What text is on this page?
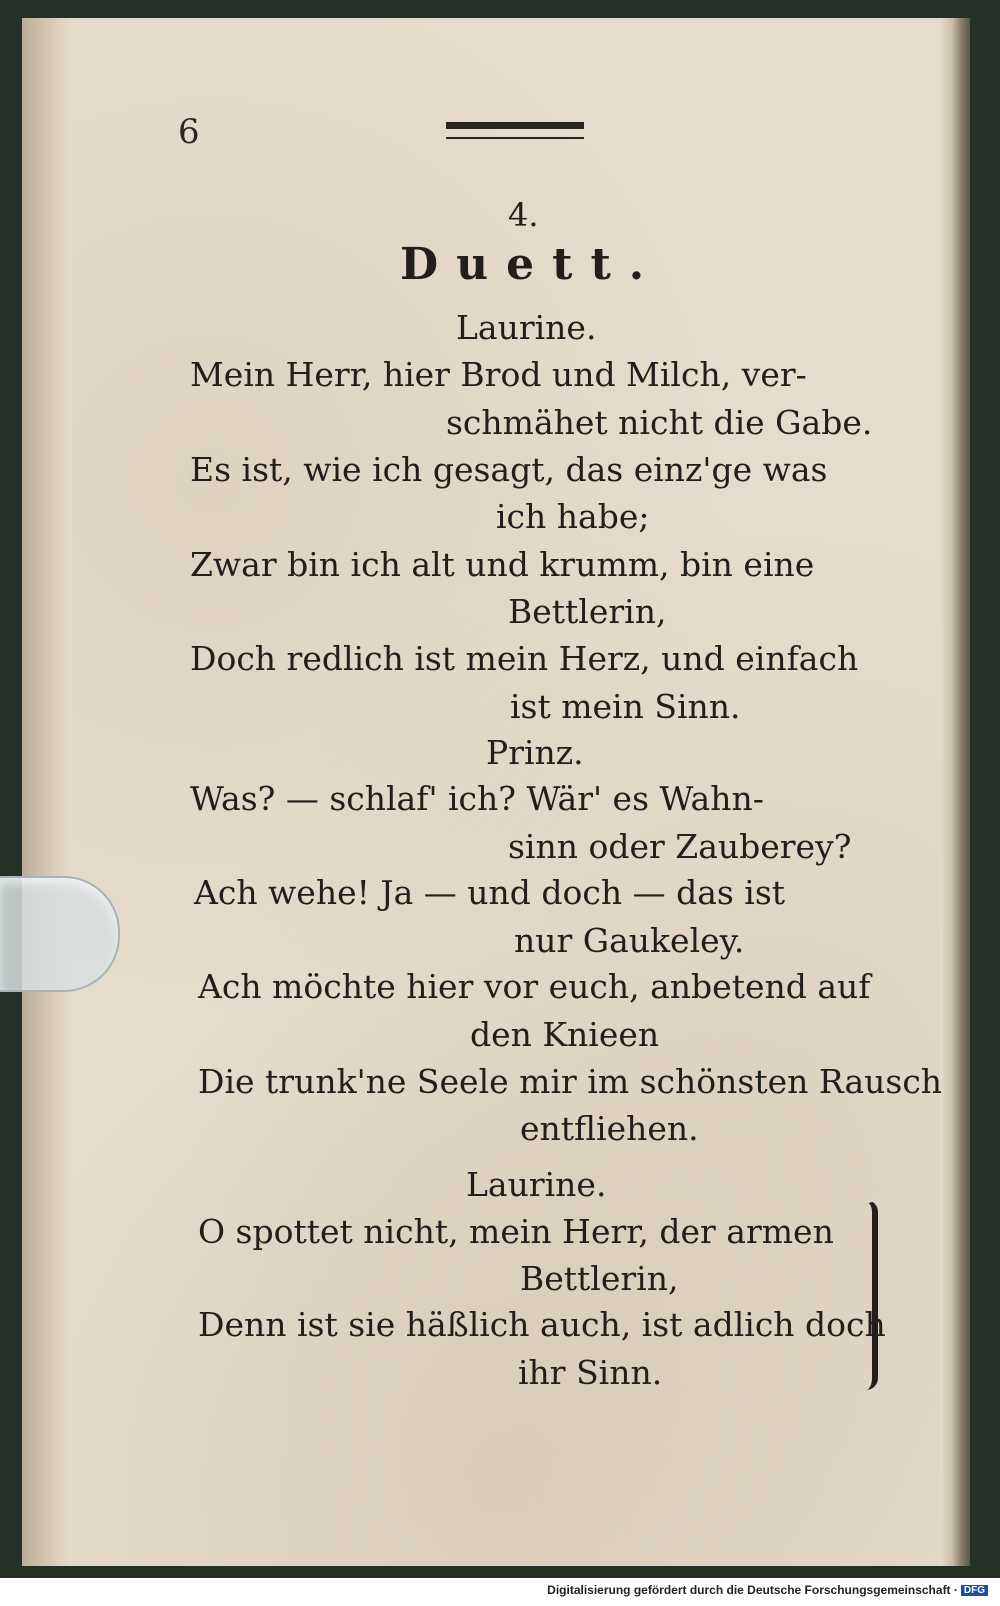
6
4.
Duett.
Laurine.
Mein Herr, hier Brod und Milch, ver‑
schmähet nicht die Gabe.
Es ist, wie ich gesagt, das einz'ge was
ich habe;
Zwar bin ich alt und krumm, bin eine
Bettlerin,
Doch redlich ist mein Herz, und einfach
ist mein Sinn.
Prinz.
Was? — schlaf' ich? Wär' es Wahn‑
sinn oder Zauberey?
Ach wehe! Ja — und doch — das ist
nur Gaukeley.
Ach möchte hier vor euch, anbetend auf
den Knieen
Die trunk'ne Seele mir im schönsten Rausch
entfliehen.
Laurine.
O spottet nicht, mein Herr, der armen
Bettlerin,
Denn ist sie häßlich auch, ist adlich doch
ihr Sinn.
Digitalisierung gefördert durch die Deutsche Forschungsgemeinschaft · DFG
